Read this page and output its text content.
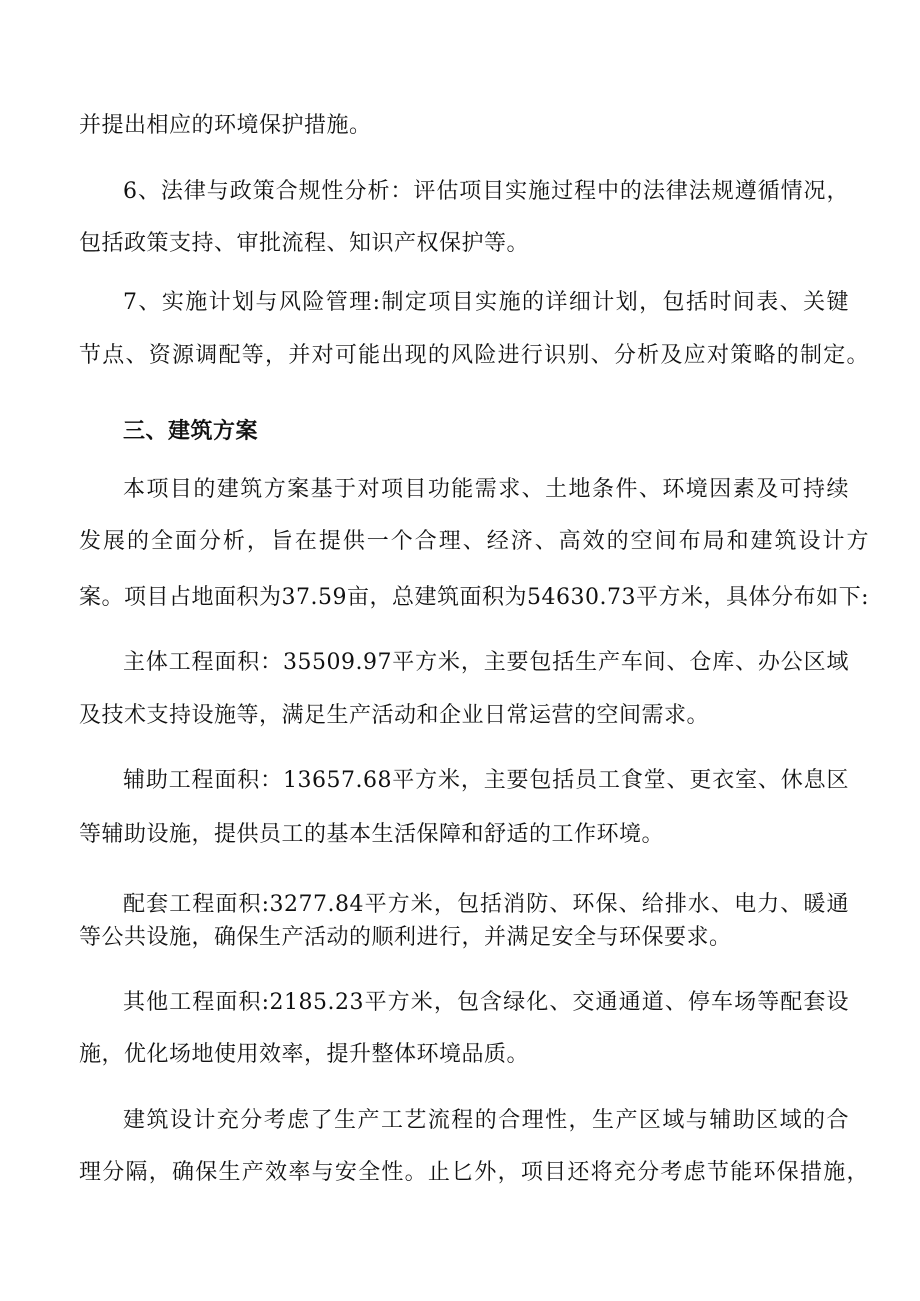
并提出相应的环境保护措施。
6、法律与政策合规性分析：评估项目实施过程中的法律法规遵循情况，
包括政策支持、审批流程、知识产权保护等。
7、实施计划与风险管理:制定项目实施的详细计划，包括时间表、关键
节点、资源调配等，并对可能出现的风险进行识别、分析及应对策略的制定。
三、建筑方案
本项目的建筑方案基于对项目功能需求、土地条件、环境因素及可持续
发展的全面分析，旨在提供一个合理、经济、高效的空间布局和建筑设计方
案。项目占地面积为37.59亩，总建筑面积为54630.73平方米，具体分布如下:
主体工程面积：35509.97平方米，主要包括生产车间、仓库、办公区域
及技术支持设施等，满足生产活动和企业日常运营的空间需求。
辅助工程面积：13657.68平方米，主要包括员工食堂、更衣室、休息区
等辅助设施，提供员工的基本生活保障和舒适的工作环境。
配套工程面积:3277.84平方米，包括消防、环保、给排水、电力、暖通
等公共设施，确保生产活动的顺利进行，并满足安全与环保要求。
其他工程面积:2185.23平方米，包含绿化、交通通道、停车场等配套设
施，优化场地使用效率，提升整体环境品质。
建筑设计充分考虑了生产工艺流程的合理性，生产区域与辅助区域的合
理分隔，确保生产效率与安全性。止匕外，项目还将充分考虑节能环保措施，
